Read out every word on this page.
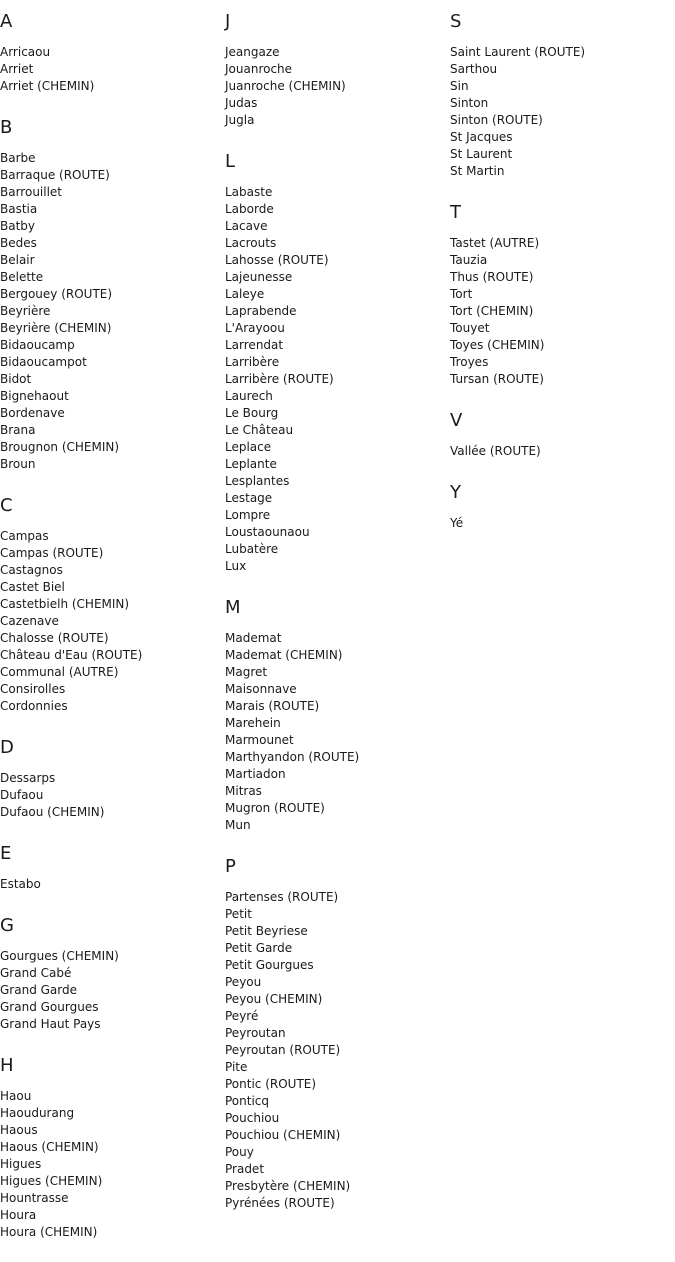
A
Arricaou
Arriet
Arriet (CHEMIN)
B
Barbe
Barraque (ROUTE)
Barrouillet
Bastia
Batby
Bedes
Belair
Belette
Bergouey (ROUTE)
Beyrière
Beyrière (CHEMIN)
Bidaoucamp
Bidaoucampot
Bidot
Bignehaout
Bordenave
Brana
Brougnon (CHEMIN)
Broun
C
Campas
Campas (ROUTE)
Castagnos
Castet Biel
Castetbielh (CHEMIN)
Cazenave
Chalosse (ROUTE)
Château d'Eau (ROUTE)
Communal (AUTRE)
Consirolles
Cordonnies
D
Dessarps
Dufaou
Dufaou (CHEMIN)
E
Estabo
G
Gourgues (CHEMIN)
Grand Cabé
Grand Garde
Grand Gourgues
Grand Haut Pays
H
Haou
Haoudurang
Haous
Haous (CHEMIN)
Higues
Higues (CHEMIN)
Hountrasse
Houra
Houra (CHEMIN)
J
Jeangaze
Jouanroche
Juanroche (CHEMIN)
Judas
Jugla
L
Labaste
Laborde
Lacave
Lacrouts
Lahosse (ROUTE)
Lajeunesse
Laleye
Laprabende
L'Arayoou
Larrendat
Larribère
Larribère (ROUTE)
Laurech
Le Bourg
Le Château
Leplace
Leplante
Lesplantes
Lestage
Lompre
Loustaounaou
Lubatère
Lux
M
Mademat
Mademat (CHEMIN)
Magret
Maisonnave
Marais (ROUTE)
Marehein
Marmounet
Marthyandon (ROUTE)
Martiadon
Mitras
Mugron (ROUTE)
Mun
P
Partenses (ROUTE)
Petit
Petit Beyriese
Petit Garde
Petit Gourgues
Peyou
Peyou (CHEMIN)
Peyré
Peyroutan
Peyroutan (ROUTE)
Pite
Pontic (ROUTE)
Ponticq
Pouchiou
Pouchiou (CHEMIN)
Pouy
Pradet
Presbytère (CHEMIN)
Pyrénées (ROUTE)
S
Saint Laurent (ROUTE)
Sarthou
Sin
Sinton
Sinton (ROUTE)
St Jacques
St Laurent
St Martin
T
Tastet (AUTRE)
Tauzia
Thus (ROUTE)
Tort
Tort (CHEMIN)
Touyet
Toyes (CHEMIN)
Troyes
Tursan (ROUTE)
V
Vallée (ROUTE)
Y
Yé
